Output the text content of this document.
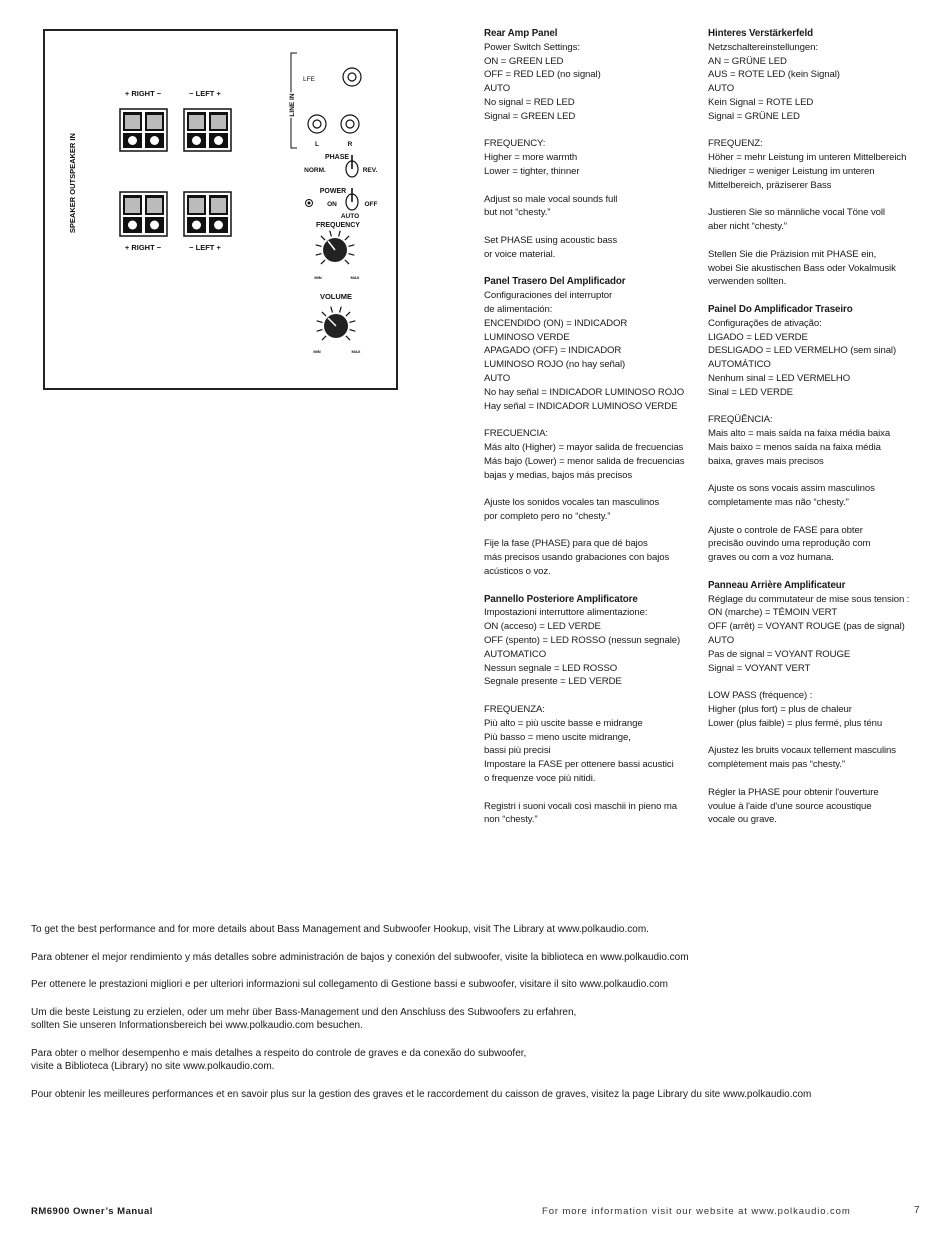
SPEAKER IN
SPEAKER OUT
+ RIGHT −	− LEFT +
+ RIGHT −	− LEFT +
LINE IN
LFE
L	R
PHASE
NORM.	REV.
POWER
ON	OFF
AUTO
FREQUENCY
MIN	MAX
VOLUME
MIN	MAX
Rear Amp Panel

Power Switch Settings:
ON = GREEN LED
OFF = RED LED (no signal)
AUTO
No signal = RED LED
Signal = GREEN LED

FREQUENCY:
Higher = more warmth
Lower = tighter, thinner

Adjust so male vocal sounds full
but not “chesty.”

Set PHASE using acoustic bass
or voice material.

Panel Trasero Del Amplificador

Configuraciones del interruptor
de alimentación:
ENCENDIDO (ON) = INDICADOR
LUMINOSO VERDE
APAGADO (OFF) = INDICADOR
LUMINOSO ROJO (no hay señal)
AUTO
No hay señal = INDICADOR LUMINOSO ROJO
Hay señal = INDICADOR LUMINOSO VERDE

FRECUENCIA:
Más alto (Higher) = mayor salida de frecuencias
Más bajo (Lower) = menor salida de frecuencias
bajas y medias, bajos más precisos

Ajuste los sonidos vocales tan masculinos
por completo pero no “chesty.”

Fije la fase (PHASE) para que dé bajos
más precisos usando grabaciones con bajos
acústicos o voz.

Pannello Posteriore Amplificatore

Impostazioni interruttore alimentazione:
ON (acceso) = LED VERDE
OFF (spento) = LED ROSSO (nessun segnale)
AUTOMATICO
Nessun segnale = LED ROSSO
Segnale presente = LED VERDE

FREQUENZA:
Più alto = più uscite basse e midrange
Più basso = meno uscite midrange,
bassi più precisi
Impostare la FASE per ottenere bassi acustici
o frequenze voce più nitidi.

Registri i suoni vocali così maschii in pieno ma
non “chesty.”

Hinteres Verstärkerfeld

Netzschaltereinstellungen:
AN = GRÜNE LED
AUS = ROTE LED (kein Signal)
AUTO
Kein Signal = ROTE LED
Signal = GRÜNE LED

FREQUENZ:
Höher = mehr Leistung im unteren Mittelbereich
Niedriger = weniger Leistung im unteren
Mittelbereich, präziserer Bass

Justieren Sie so männliche vocal Töne voll
aber nicht “chesty.”

Stellen Sie die Präzision mit PHASE ein,
wobei Sie akustischen Bass oder Vokalmusik
verwenden sollten.

Painel Do Amplificador Traseiro

Configurações de ativação:
LIGADO = LED VERDE
DESLIGADO = LED VERMELHO (sem sinal)
AUTOMÁTICO
Nenhum sinal = LED VERMELHO
Sinal = LED VERDE

FREQÜÊNCIA:
Mais alto = mais saída na faixa média baixa
Mais baixo = menos saída na faixa média
baixa, graves mais precisos

Ajuste os sons vocais assim masculinos
completamente mas não “chesty.”

Ajuste o controle de FASE para obter
precisão ouvindo uma reprodução com
graves ou com a voz humana.

Panneau Arrière Amplificateur

Réglage du commutateur de mise sous tension :
ON (marche) = TÉMOIN VERT
OFF (arrêt) = VOYANT ROUGE (pas de signal)
AUTO
Pas de signal = VOYANT ROUGE
Signal = VOYANT VERT

LOW PASS (fréquence) :
Higher (plus fort) = plus de chaleur
Lower (plus faible) = plus fermé, plus ténu

Ajustez les bruits vocaux tellement masculins
complètement mais pas “chesty.”

Régler la PHASE pour obtenir l'ouverture
voulue à l'aide d'une source acoustique
vocale ou grave.

To get the best performance and for more details about Bass Management and Subwoofer Hookup, visit The Library at www.polkaudio.com.

Para obtener el mejor rendimiento y más detalles sobre administración de bajos y conexión del subwoofer, visite la biblioteca en www.polkaudio.com

Per ottenere le prestazioni migliori e per ulteriori informazioni sul collegamento di Gestione bassi e subwoofer, visitare il sito www.polkaudio.com

Um die beste Leistung zu erzielen, oder um mehr über Bass-Management und den Anschluss des Subwoofers zu erfahren,
sollten Sie unseren Informationsbereich bei www.polkaudio.com besuchen.

Para obter o melhor desempenho e mais detalhes a respeito do controle de graves e da conexão do subwoofer,
visite a Biblioteca (Library) no site www.polkaudio.com.

Pour obtenir les meilleures performances et en savoir plus sur la gestion des graves et le raccordement du caisson de graves, visitez la page Library du site www.polkaudio.com

RM6900 Owner’s Manual	For more information visit our website at www.polkaudio.com	7
